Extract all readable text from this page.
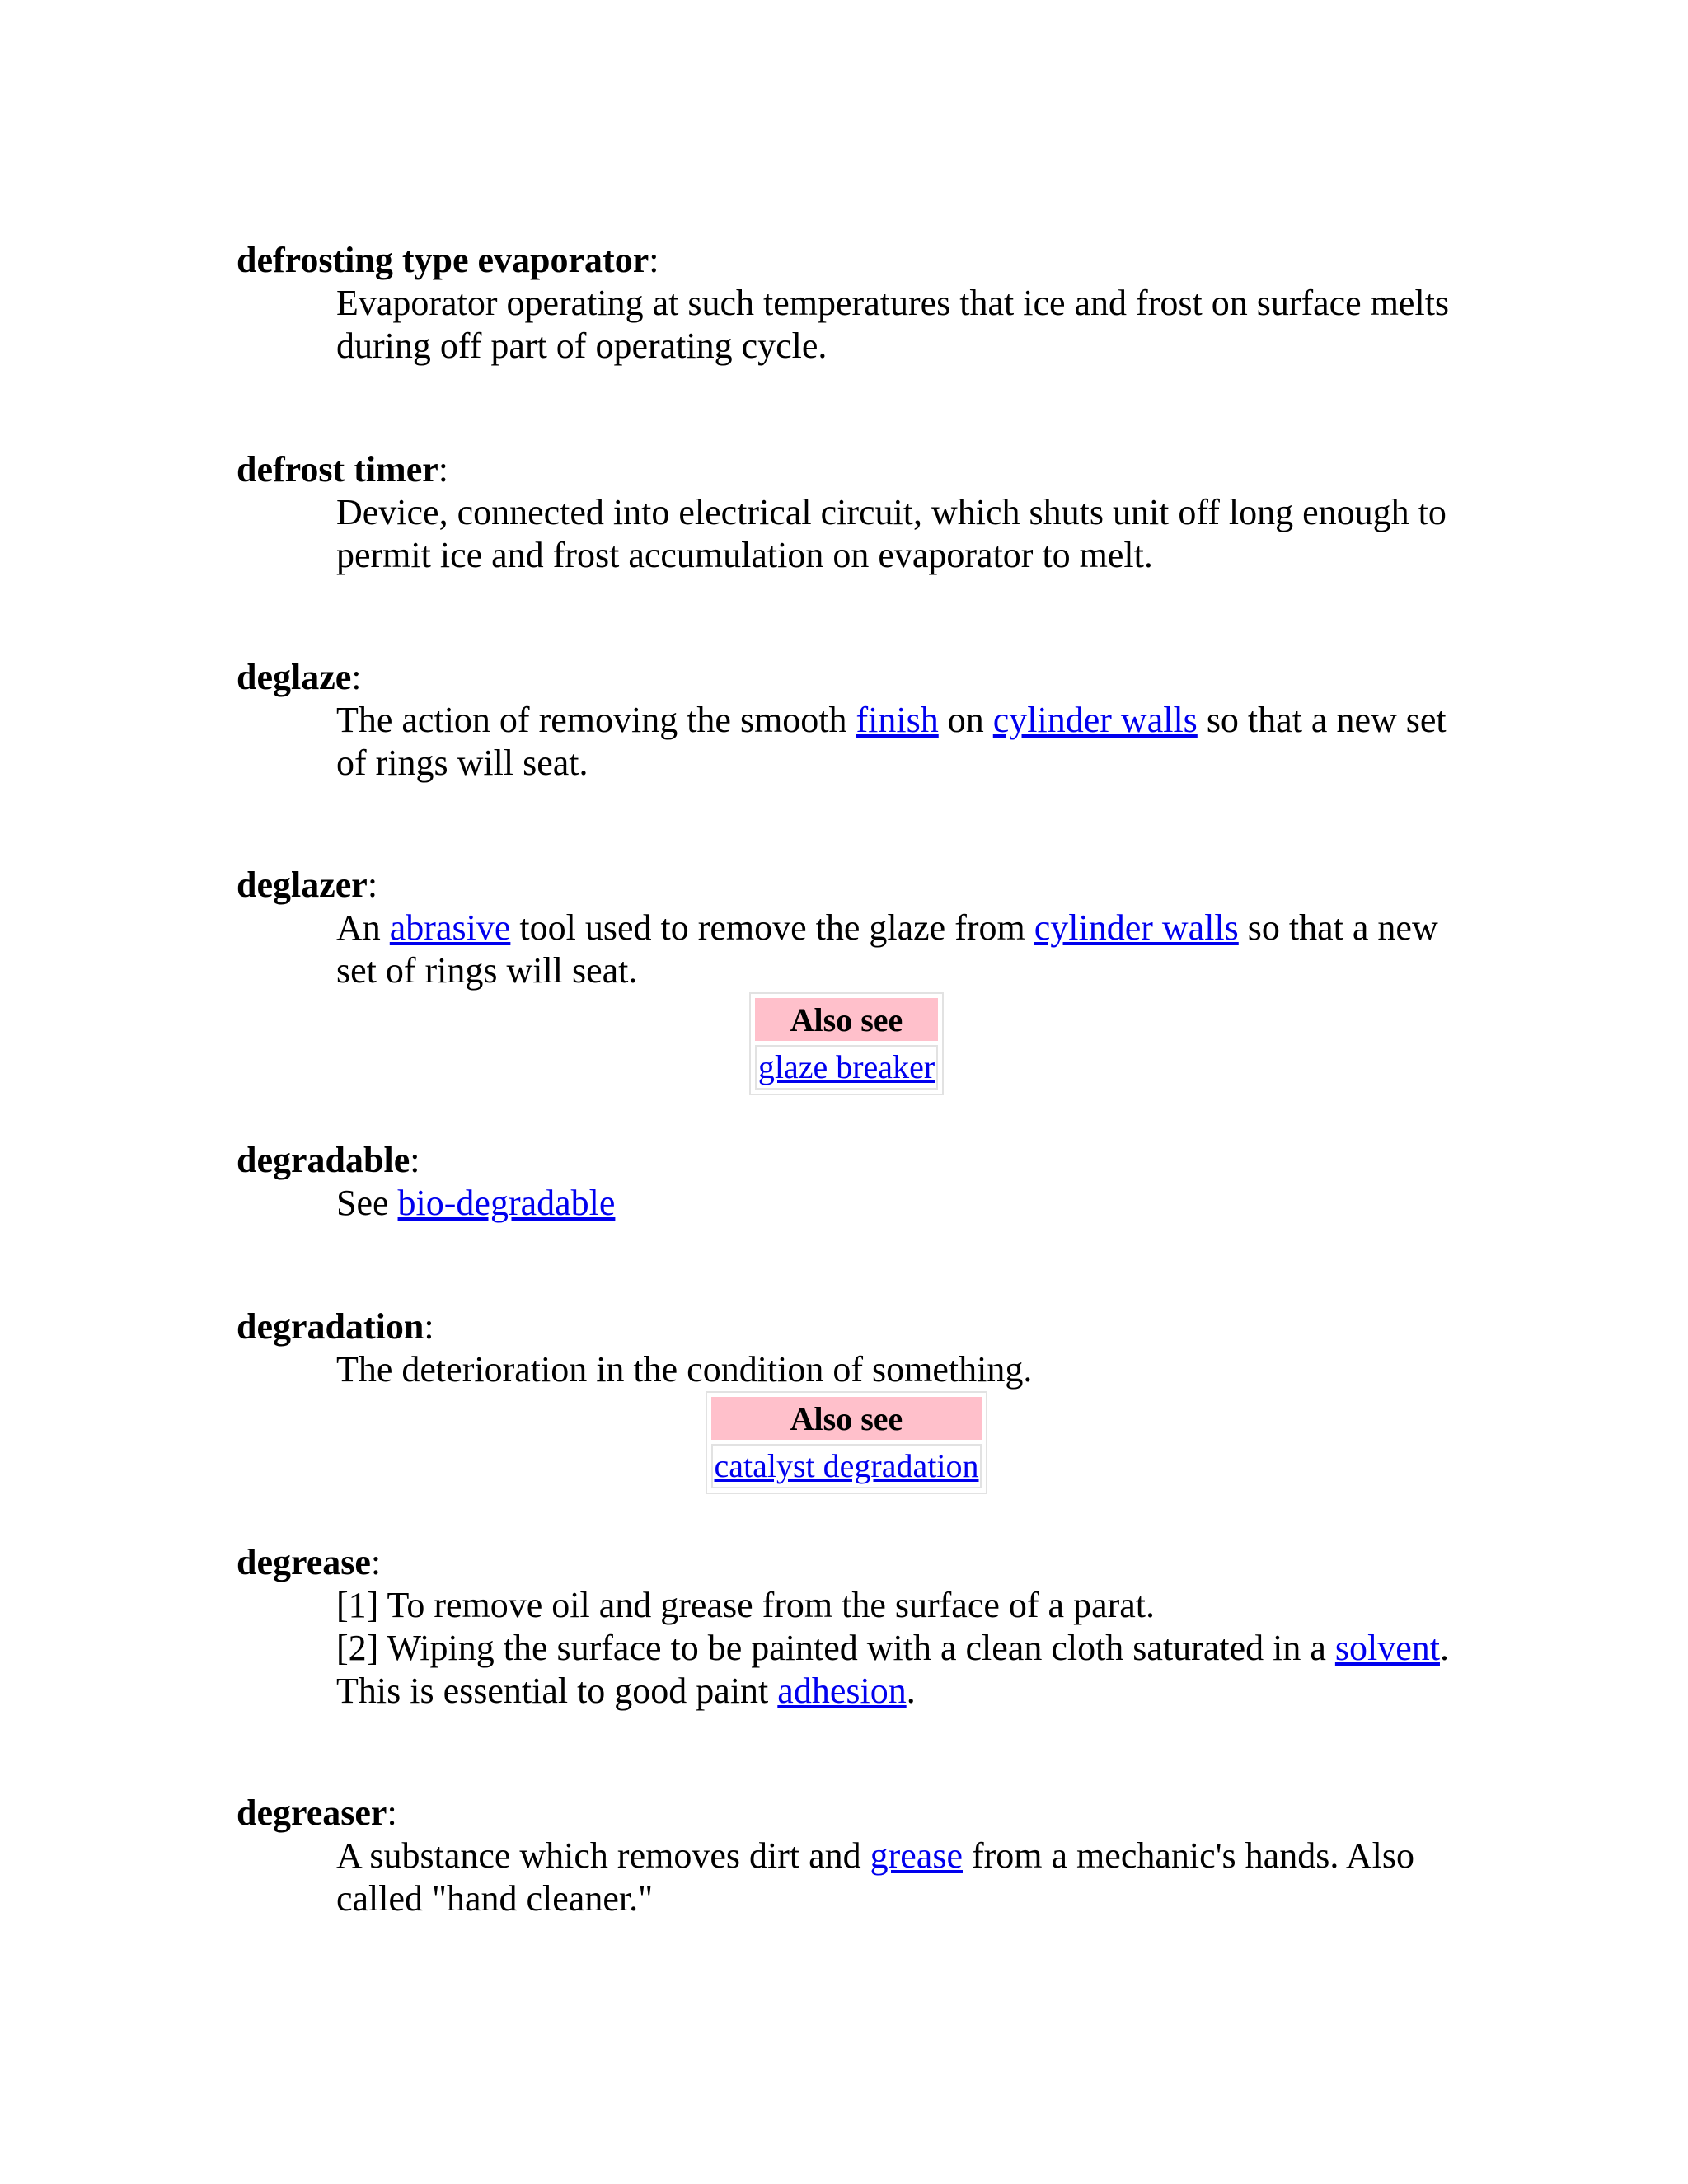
defrosting type evaporator:
Evaporator operating at such temperatures that ice and frost on surface melts during off part of operating cycle.
defrost timer:
Device, connected into electrical circuit, which shuts unit off long enough to permit ice and frost accumulation on evaporator to melt.
deglaze:
The action of removing the smooth finish on cylinder walls so that a new set of rings will seat.
deglazer:
An abrasive tool used to remove the glaze from cylinder walls so that a new set of rings will seat.
Also see
glaze breaker
degradable:
See bio-degradable
degradation:
The deterioration in the condition of something.
Also see
catalyst degradation
degrease:
[1] To remove oil and grease from the surface of a parat.
[2] Wiping the surface to be painted with a clean cloth saturated in a solvent. This is essential to good paint adhesion.
degreaser:
A substance which removes dirt and grease from a mechanic's hands. Also called "hand cleaner."
